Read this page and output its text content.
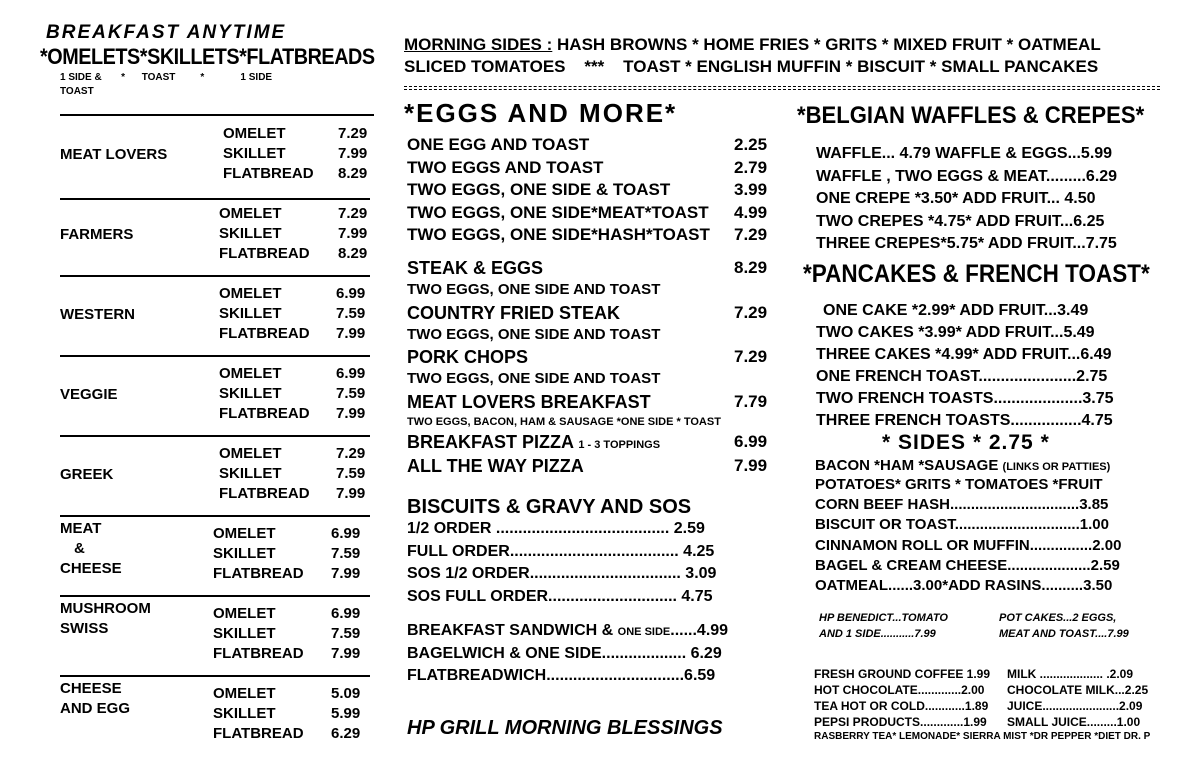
BREAKFAST ANYTIME
*OMELETS*SKILLETS*FLATBREADS
1 SIDE &       *      TOAST         *             1 SIDE
TOAST
MEAT LOVERS
OMELET	7.29
SKILLET	7.99
FLATBREAD 8.29
FARMERS
OMELET	7.29
SKILLET	7.99
FLATBREAD 8.29
WESTERN
OMELET	6.99
SKILLET	7.59
FLATBREAD 7.99
VEGGIE
OMELET	6.99
SKILLET	7.59
FLATBREAD 7.99
GREEK
OMELET	7.29
SKILLET	7.59
FLATBREAD 7.99
MEAT
&
CHEESE
OMELET	6.99
SKILLET	7.59
FLATBREAD 7.99
MUSHROOM
SWISS
OMELET	6.99
SKILLET	7.59
FLATBREAD 7.99
CHEESE
AND EGG
OMELET	5.09
SKILLET	5.99
FLATBREAD 6.29
MORNING SIDES : HASH BROWNS * HOME FRIES * GRITS * MIXED FRUIT * OATMEAL
SLICED TOMATOES    ***    TOAST * ENGLISH MUFFIN * BISCUIT * SMALL PANCAKES
*EGGS AND MORE*
ONE EGG AND TOAST	2.25
TWO EGGS AND TOAST	2.79
TWO EGGS, ONE SIDE & TOAST	3.99
TWO EGGS, ONE SIDE*MEAT*TOAST 4.99
TWO EGGS, ONE SIDE*HASH*TOAST 7.29
STEAK & EGGS	8.29
TWO EGGS, ONE SIDE AND TOAST
COUNTRY FRIED STEAK	7.29
TWO EGGS, ONE SIDE AND TOAST
PORK CHOPS	7.29
TWO EGGS, ONE SIDE AND TOAST
MEAT LOVERS BREAKFAST	7.79
TWO EGGS, BACON, HAM & SAUSAGE *ONE SIDE * TOAST
BREAKFAST PIZZA 1 - 3 TOPPINGS	6.99
ALL THE WAY PIZZA	7.99
BISCUITS & GRAVY AND SOS
1/2 ORDER ....................................... 2.59
FULL ORDER...................................... 4.25
SOS 1/2 ORDER.................................. 3.09
SOS FULL ORDER............................. 4.75
BREAKFAST SANDWICH & ONE SIDE......4.99
BAGELWICH & ONE SIDE................... 6.29
FLATBREADWICH...............................6.59
HP GRILL MORNING BLESSINGS
*BELGIAN WAFFLES & CREPES*
WAFFLE... 4.79 WAFFLE & EGGS...5.99
WAFFLE , TWO EGGS & MEAT.........6.29
ONE CREPE *3.50* ADD FRUIT... 4.50
TWO CREPES *4.75* ADD FRUIT...6.25
THREE CREPES*5.75* ADD FRUIT...7.75
*PANCAKES & FRENCH TOAST*
ONE CAKE *2.99* ADD FRUIT...3.49
TWO CAKES *3.99* ADD FRUIT...5.49
THREE CAKES *4.99* ADD FRUIT...6.49
ONE FRENCH TOAST......................2.75
TWO FRENCH TOASTS....................3.75
THREE FRENCH TOASTS................4.75
* SIDES * 2.75 *
BACON *HAM *SAUSAGE (LINKS OR PATTIES)
POTATOES* GRITS * TOMATOES *FRUIT
CORN BEEF HASH...............................3.85
BISCUIT OR TOAST..............................1.00
CINNAMON ROLL OR MUFFIN...............2.00
BAGEL & CREAM CHEESE....................2.59
OATMEAL......3.00*ADD RASINS..........3.50
HP BENEDICT...TOMATO
AND 1 SIDE...........7.99
POT CAKES...2 EGGS,
MEAT AND TOAST....7.99
FRESH GROUND COFFEE 1.99 MILK ................... .2.09
HOT CHOCOLATE.............2.00 CHOCOLATE MILK...2.25
TEA HOT OR COLD............1.89 JUICE.......................2.09
PEPSI PRODUCTS.............1.99 SMALL JUICE.........1.00
RASBERRY TEA* LEMONADE* SIERRA MIST *DR PEPPER *DIET DR. P
